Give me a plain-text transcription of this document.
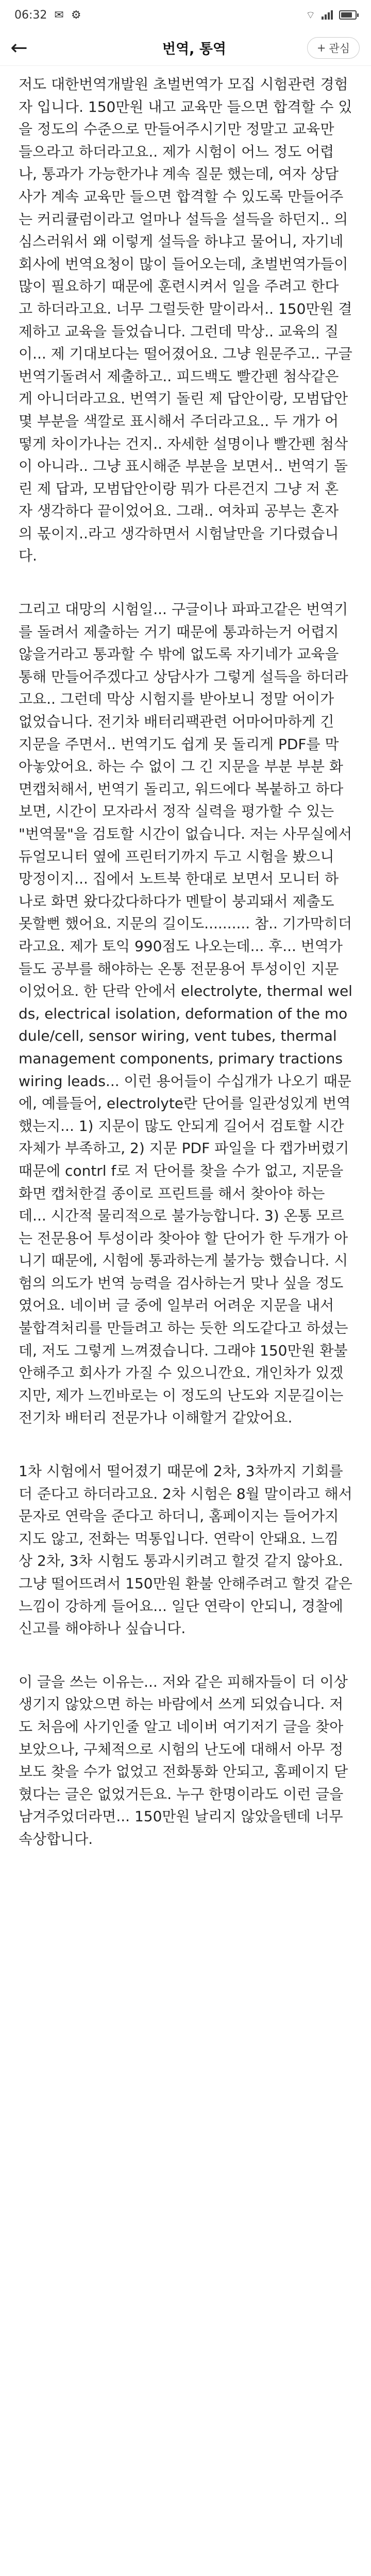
06:32 ✉ ⚙	⌔
←	번역, 통역	+ 관심

저도 대한번역개발원 초벌번역가 모집 시험관련 경험자 입니다. 150만원 내고 교육만 들으면 합격할 수 있을 정도의 수준으로 만들어주시기만 정말고 교육만 들으라고 하더라고요.. 제가 시험이 어느 정도 어렵나, 통과가 가능한가냐 계속 질문 했는데, 여자 상담사가 계속 교육만 들으면 합격할 수 있도록 만들어주는 커리큘럼이라고 얼마나 설득을 설득을 하던지.. 의심스러워서 왜 이렇게 설득을 하냐고 물어니, 자기네 회사에 번역요청이 많이 들어오는데, 초벌번역가들이 많이 필요하기 때문에 훈련시켜서 일을 주려고 한다고 하더라고요. 너무 그럴듯한 말이라서.. 150만원 결제하고 교육을 들었습니다. 그런데 막상.. 교육의 질이... 제 기대보다는 떨어졌어요. 그냥 원문주고.. 구글 번역기돌려서 제출하고.. 피드백도 빨간펜 첨삭같은게 아니더라고요. 번역기 돌린 제 답안이랑, 모범답안 몇 부분을 색깔로 표시해서 주더라고요.. 두 개가 어떻게 차이가나는 건지.. 자세한 설명이나 빨간펜 첨삭이 아니라.. 그냥 표시해준 부분을 보면서.. 번역기 돌린 제 답과, 모범답안이랑 뭐가 다른건지 그냥 저 혼자 생각하다 끝이었어요. 그래.. 여차피 공부는 혼자의 몫이지..라고 생각하면서 시험날만을 기다렸습니다.

그리고 대망의 시험일... 구글이나 파파고같은 번역기를 돌려서 제출하는 거기 때문에 통과하는거 어렵지 않을거라고 통과할 수 밖에 없도록 자기네가 교육을 통해 만들어주겠다고 상담사가 그렇게 설득을 하더라고요.. 그런데 막상 시험지를 받아보니 정말 어이가 없었습니다. 전기차 배터리팩관련 어마어마하게 긴 지문을 주면서.. 번역기도 쉽게 못 돌리게 PDF를 막아놓았어요. 하는 수 없이 그 긴 지문을 부분 부분 화면캡처해서, 번역기 돌리고, 워드에다 복붙하고 하다보면, 시간이 모자라서 정작 실력을 평가할 수 있는 "번역물"을 검토할 시간이 없습니다. 저는 사무실에서 듀얼모니터 옆에 프린터기까지 두고 시험을 봤으니 망정이지... 집에서 노트북 한대로 보면서 모니터 하나로 화면 왔다갔다하다가 멘탈이 붕괴돼서 제출도 못할뻔 했어요. 지문의 길이도.......... 참.. 기가막히더라고요. 제가 토익 990점도 나오는데... 후... 번역가들도 공부를 해야하는 온통 전문용어 투성이인 지문이었어요. 한 단락 안에서 electrolyte, thermal welds, electrical isolation, deformation of the module/cell, sensor wiring, vent tubes, thermal management components, primary tractions wiring leads... 이런 용어들이 수십개가 나오기 때문에, 예를들어, electrolyte란 단어를 일관성있게 번역했는지... 1) 지문이 많도 안되게 길어서 검토할 시간 자체가 부족하고, 2) 지문 PDF 파일을 다 캡가버렸기 때문에 contrl f로 저 단어를 찾을 수가 없고, 지문을 화면 캡처한걸 종이로 프린트를 해서 찾아야 하는데... 시간적 물리적으로 불가능합니다. 3) 온통 모르는 전문용어 투성이라 찾아야 할 단어가 한 두개가 아니기 때문에, 시험에 통과하는게 불가능 했습니다. 시험의 의도가 번역 능력을 검사하는거 맞나 싶을 정도였어요. 네이버 글 중에 일부러 어려운 지문을 내서 불합격처리를 만들려고 하는 듯한 의도같다고 하셨는데, 저도 그렇게 느껴졌습니다. 그래야 150만원 환불 안해주고 회사가 가질 수 있으니깐요. 개인차가 있겠지만, 제가 느낀바로는 이 정도의 난도와 지문길이는 전기차 배터리 전문가나 이해할거 같았어요.

1차 시험에서 떨어졌기 때문에 2차, 3차까지 기회를 더 준다고 하더라고요. 2차 시험은 8월 말이라고 해서 문자로 연락을 준다고 하더니, 홈페이지는 들어가지지도 않고, 전화는 먹통입니다. 연락이 안돼요. 느낌상 2차, 3차 시험도 통과시키려고 할것 같지 않아요. 그냥 떨어뜨려서 150만원 환불 안해주려고 할것 같은 느낌이 강하게 들어요... 일단 연락이 안되니, 경찰에 신고를 해야하나 싶습니다.

이 글을 쓰는 이유는... 저와 같은 피해자들이 더 이상 생기지 않았으면 하는 바람에서 쓰게 되었습니다. 저도 처음에 사기인줄 알고 네이버 여기저기 글을 찾아보았으나, 구체적으로 시험의 난도에 대해서 아무 정보도 찾을 수가 없었고 전화통화 안되고, 홈페이지 닫혔다는 글은 없었거든요. 누구 한명이라도 이런 글을 남겨주었더라면... 150만원 날리지 않았을텐데 너무 속상합니다.
